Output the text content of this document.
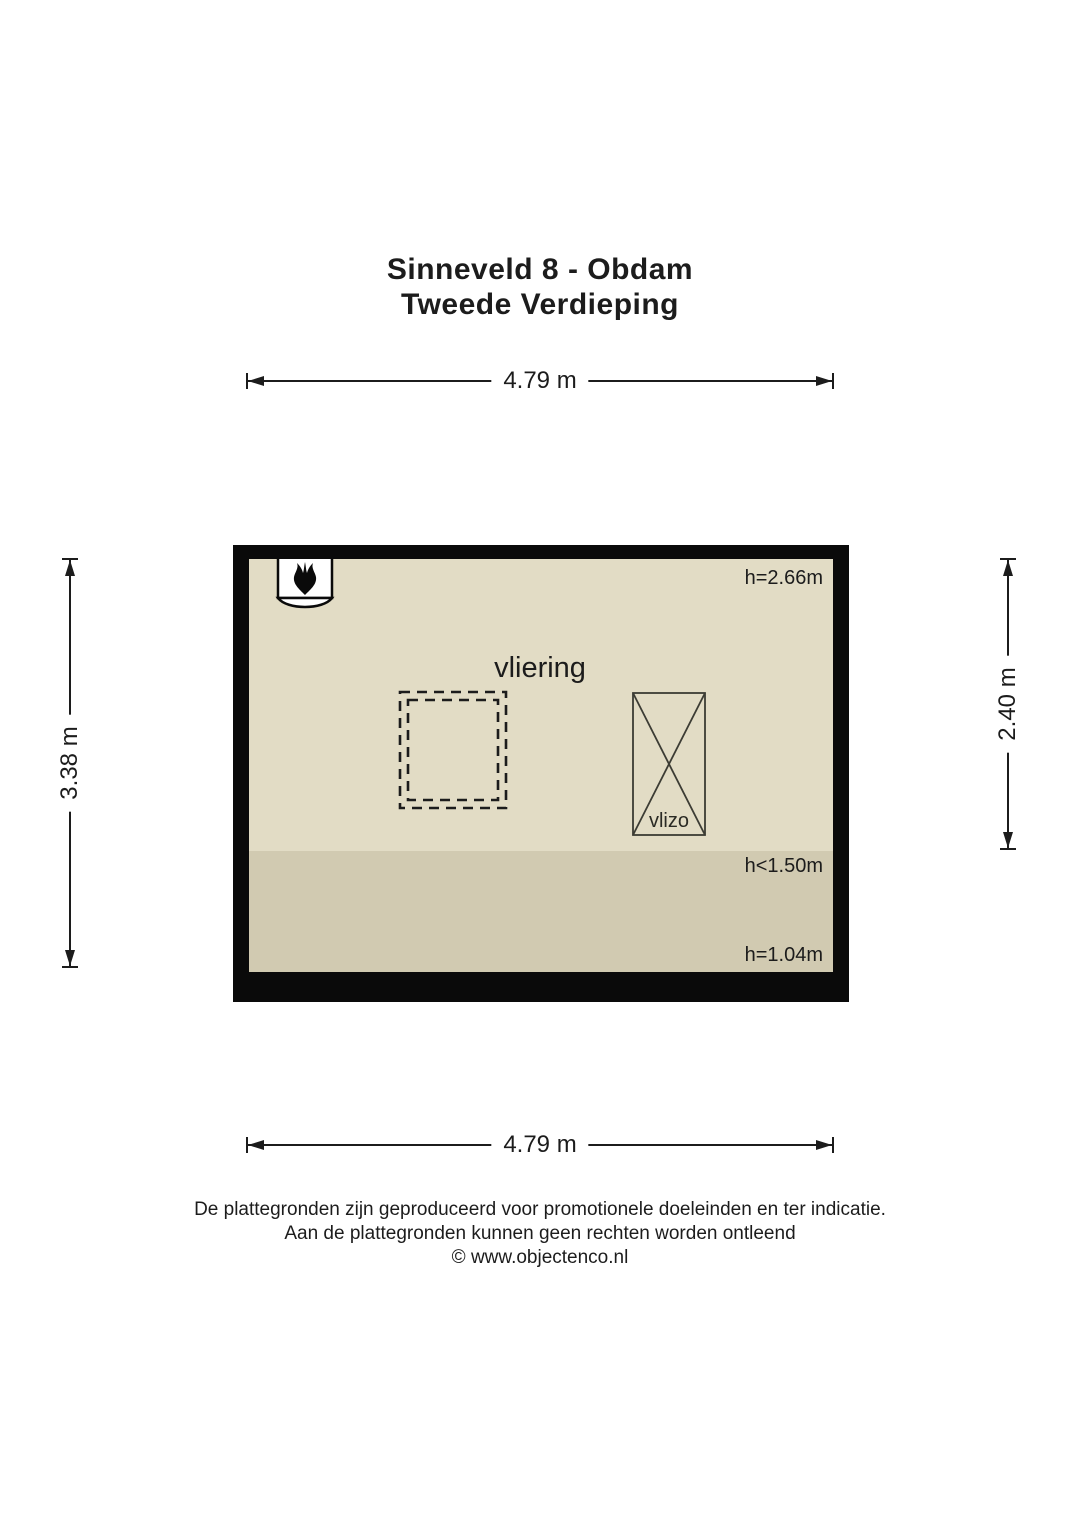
Sinneveld 8 - Obdam
Tweede Verdieping
4.79 m
3.38 m
2.40 m
vliering
h=2.66m
h<1.50m
h=1.04m
vlizo
4.79 m
De plattegronden zijn geproduceerd voor promotionele doeleinden en ter indicatie.
Aan de plattegronden kunnen geen rechten worden ontleend
© www.objectenco.nl
